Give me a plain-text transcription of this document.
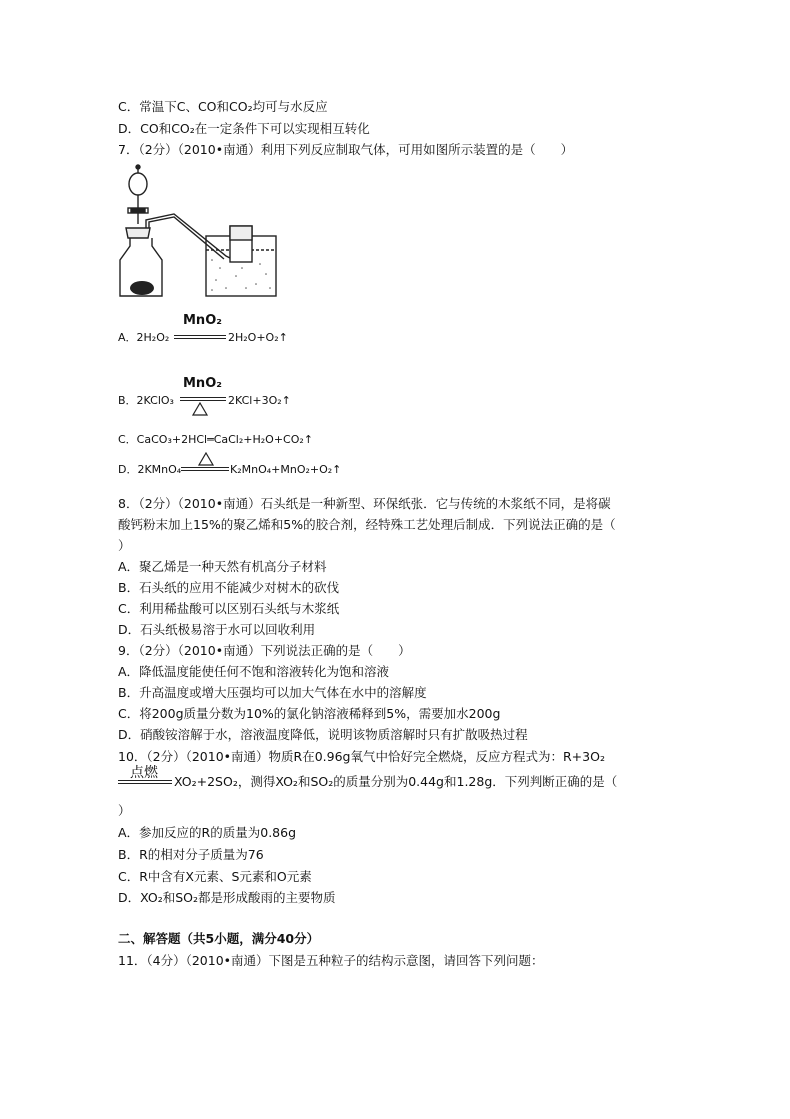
C．常温下C、CO和CO₂均可与水反应
D．CO和CO₂在一定条件下可以实现相互转化
7．（2分）（2010•南通）利用下列反应制取气体，可用如图所示装置的是（　　）
A．2H₂O₂
MnO₂
2H₂O+O₂↑
B．2KClO₃
MnO₂
2KCl+3O₂↑
C．CaCO₃+2HCl═CaCl₂+H₂O+CO₂↑
D．2KMnO₄	K₂MnO₄+MnO₂+O₂↑
8．（2分）（2010•南通）石头纸是一种新型、环保纸张．它与传统的木浆纸不同，是将碳
酸钙粉末加上15%的聚乙烯和5%的胶合剂，经特殊工艺处理后制成．下列说法正确的是（
）
A．聚乙烯是一种天然有机高分子材料
B．石头纸的应用不能减少对树木的砍伐
C．利用稀盐酸可以区别石头纸与木浆纸
D．石头纸极易溶于水可以回收利用
9．（2分）（2010•南通）下列说法正确的是（　　）
A．降低温度能使任何不饱和溶液转化为饱和溶液
B．升高温度或增大压强均可以加大气体在水中的溶解度
C．将200g质量分数为10%的氯化钠溶液稀释到5%，需要加水200g
D．硝酸铵溶解于水，溶液温度降低，说明该物质溶解时只有扩散吸热过程
10．（2分）（2010•南通）物质R在0.96g氧气中恰好完全燃烧，反应方程式为：R+3O₂
点燃
XO₂+2SO₂，测得XO₂和SO₂的质量分别为0.44g和1.28g．下列判断正确的是（
）
A．参加反应的R的质量为0.86g
B．R的相对分子质量为76
C．R中含有X元素、S元素和O元素
D．XO₂和SO₂都是形成酸雨的主要物质
二、解答题（共5小题，满分40分）
11．（4分）（2010•南通）下图是五种粒子的结构示意图，请回答下列问题：
